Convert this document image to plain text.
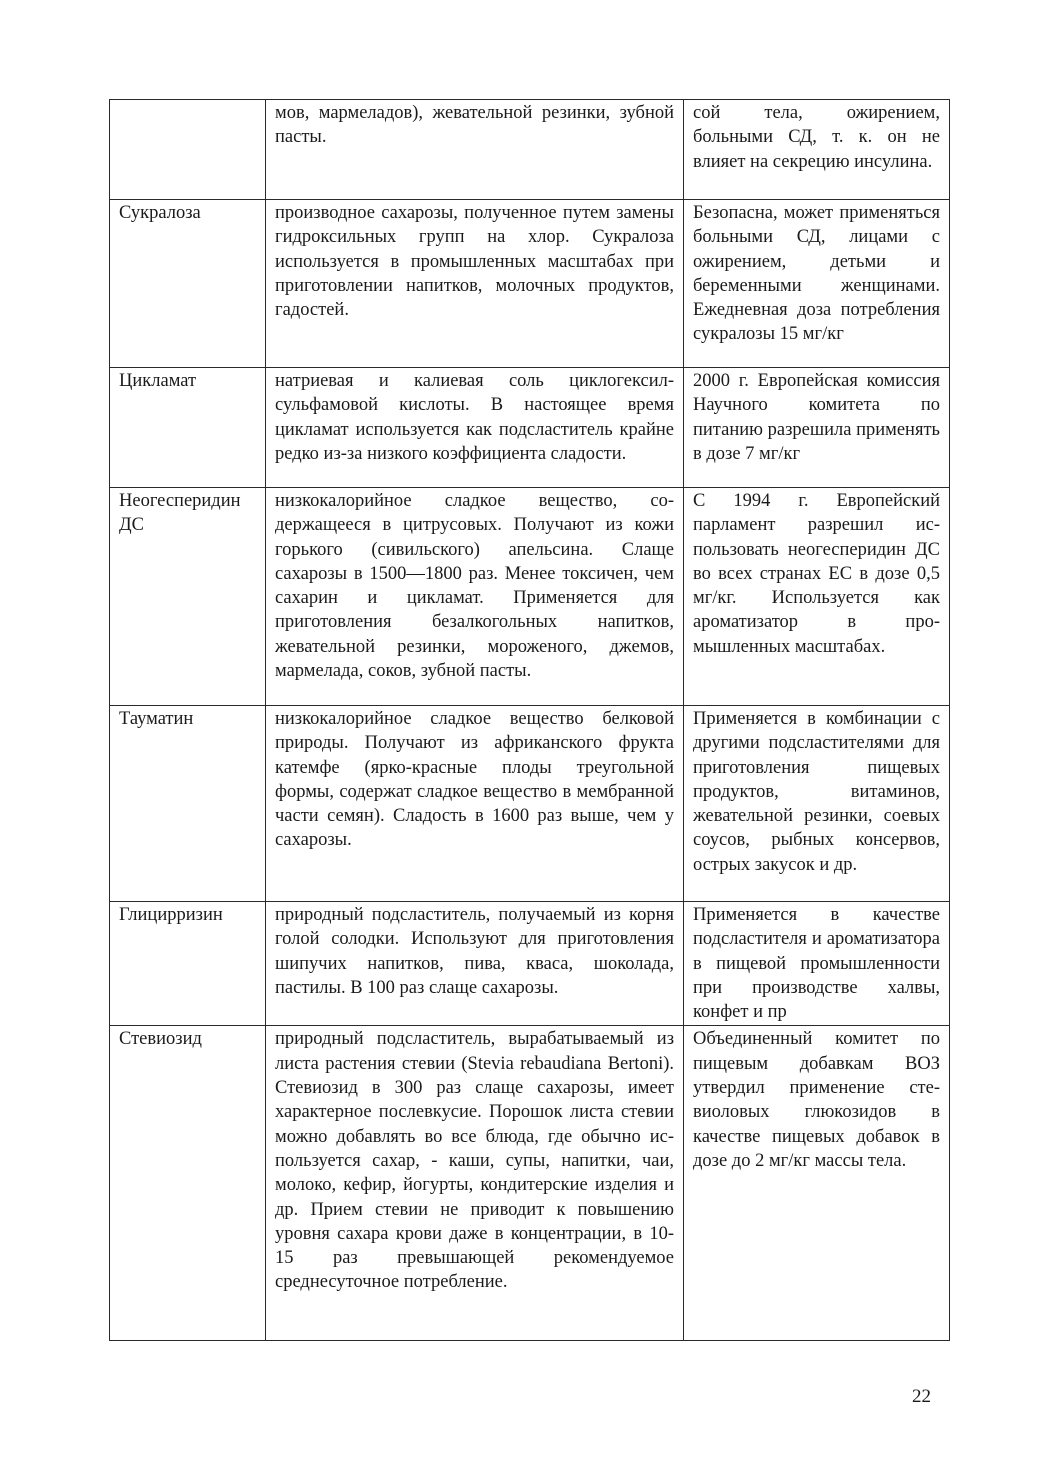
	мов, мармеладов), жевательной резинки, зубной пасты.	сой тела, ожирением, больными СД, т. к. он не влияет на секрецию инсулина.
Сукралоза	производное сахарозы, полученное путем замены гидроксильных групп на хлор. Сукралоза используется в промышленных масштабах при приготовлении напитков, молочных продуктов, гадостей.	Безопасна, может применяться больными СД, лицами с ожирением, детьми и беременными женщинами. Ежедневная доза потребления сукралозы 15 мг/кг
Цикламат	натриевая и калиевая соль циклогексилсульфамовой кислоты. В настоящее время цикламат используется как подсластитель крайне редко из-за низкого коэффициента сладости.	2000 г. Европейская комиссия Научного комитета по питанию разрешила применять в дозе 7 мг/кг
Неогесперидин ДС	низкокалорийное сладкое вещество, содержащееся в цитрусовых. Получают из кожи горького (сивильского) апельсина. Слаще сахарозы в 1500—1800 раз. Менее токсичен, чем сахарин и цикламат. Применяется для приготовления безалкогольных напитков, жевательной резинки, мороженого, джемов, мармелада, соков, зубной пасты.	С 1994 г. Европейский парламент разрешил использовать неогесперидин ДС во всех странах ЕС в дозе 0,5 мг/кг. Используется как ароматизатор в промышленных масштабах.
Тауматин	низкокалорийное сладкое вещество белковой природы. Получают из африканского фрукта катемфе (ярко-красные плоды треугольной формы, содержат сладкое вещество в мембранной части семян). Сладость в 1600 раз выше, чем у сахарозы.	Применяется в комбинации с другими подсластителями для приготовления пищевых продуктов, витаминов, жевательной резинки, соевых соусов, рыбных консервов, острых закусок и др.
Глицирризин	природный подсластитель, получаемый из корня голой солодки. Используют для приготовления шипучих напитков, пива, кваса, шоколада, пастилы. В 100 раз слаще сахарозы.	Применяется в качестве подсластителя и ароматизатора в пищевой промышленности при производстве халвы, конфет и пр
Стевиозид	природный подсластитель, вырабатываемый из листа растения стевии (Stevia rebaudiana Bertoni). Стевиозид в 300 раз слаще сахарозы, имеет характерное послевкусие. Порошок листа стевии можно добавлять во все блюда, где обычно используется сахар, - каши, супы, напитки, чаи, молоко, кефир, йогурты, кондитерские изделия и др. Прием стевии не приводит к повышению уровня сахара крови даже в концентрации, в 10-15 раз превышающей рекомендуемое среднесуточное потребление.	Объединенный комитет по пищевым добавкам ВОЗ утвердил применение стевиоловых глюкозидов в качестве пищевых добавок в дозе до 2 мг/кг массы тела.
22
